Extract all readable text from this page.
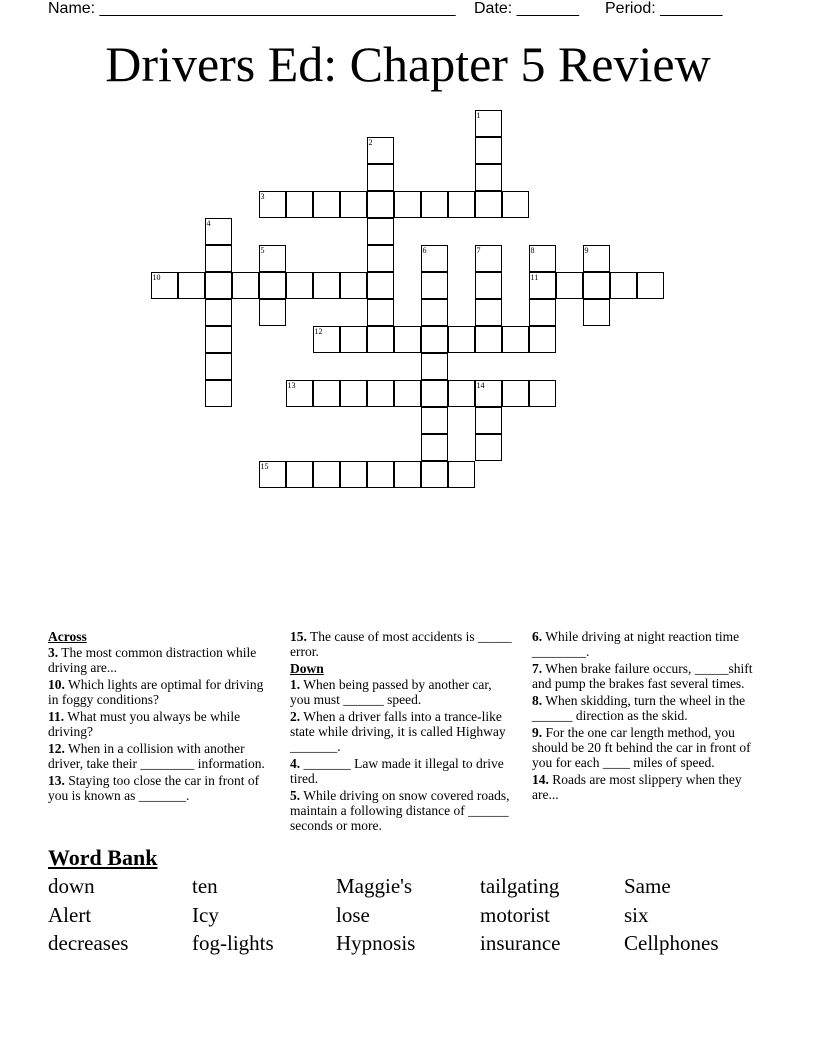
Name: ________________________________________

Date: _______

Period: _______

Drivers Ed: Chapter 5 Review
1
2
3
4
5	6	7	8	9
10	11
12
13	14
15
Across
3. The most common distraction while driving are...
10. Which lights are optimal for driving in foggy conditions?
11. What must you always be while driving?
12. When in a collision with another driver, take their ________ information.
13. Staying too close the car in front of you is known as _______.
15. The cause of most accidents is _____ error.
Down
1. When being passed by another car, you must ______ speed.
2. When a driver falls into a trance-like state while driving, it is called Highway _______.
4. _______ Law made it illegal to drive tired.
5. While driving on snow covered roads, maintain a following distance of ______ seconds or more.
6. While driving at night reaction time ________.
7. When brake failure occurs, _____shift and pump the brakes fast several times.
8. When skidding, turn the wheel in the ______ direction as the skid.
9. For the one car length method, you should be 20 ft behind the car in front of you for each ____ miles of speed.
14. Roads are most slippery when they are...
Word Bank
down	ten	Maggie's	tailgating	Same
Alert	Icy	lose	motorist	six
decreases	fog-lights	Hypnosis	insurance	Cellphones
